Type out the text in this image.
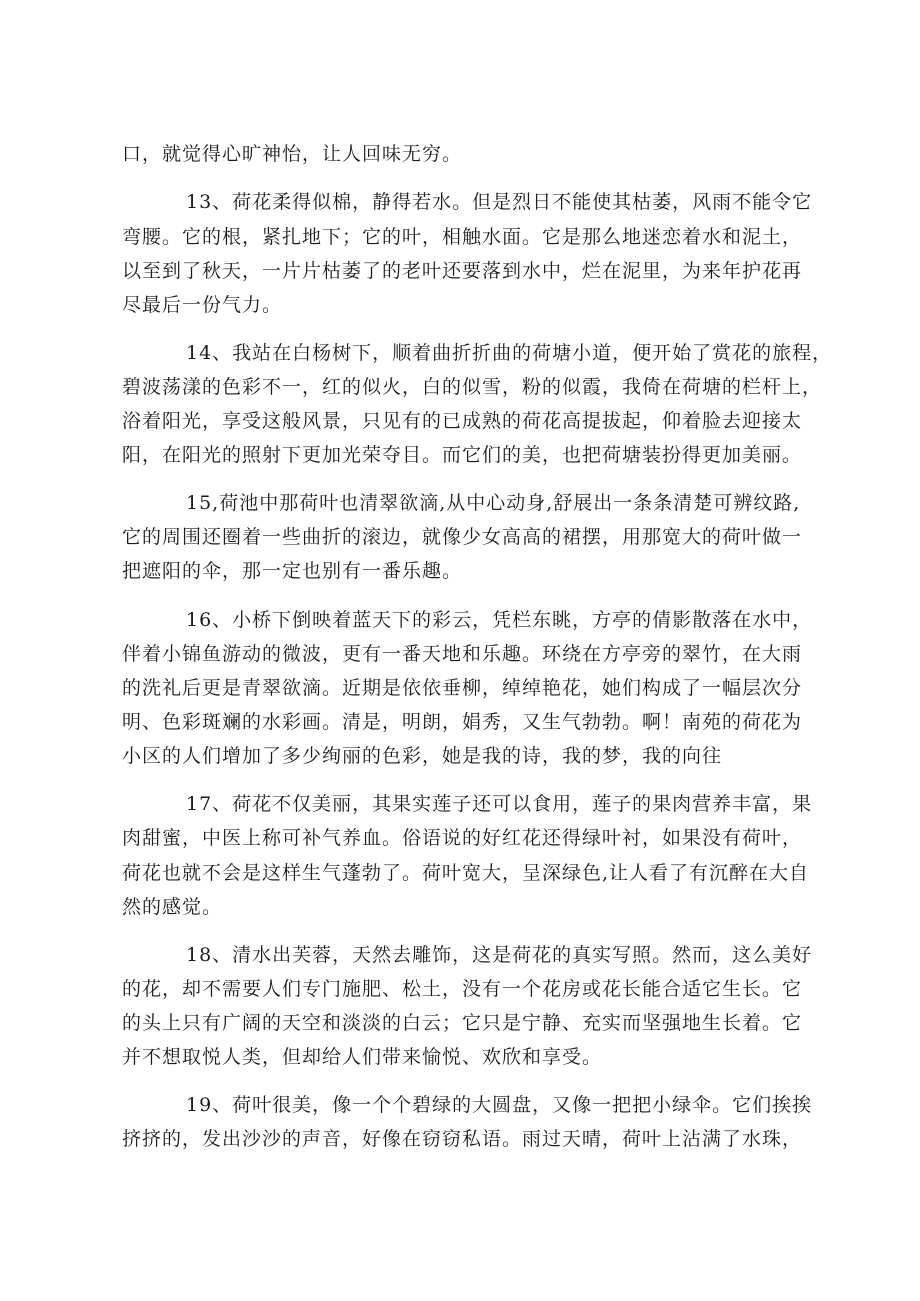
口，就觉得心旷神怡，让人回味无穷。
13、荷花柔得似棉，静得若水。但是烈日不能使其枯萎，风雨不能令它
弯腰。它的根，紧扎地下；它的叶，相触水面。它是那么地迷恋着水和泥土，
以至到了秋天，一片片枯萎了的老叶还要落到水中，烂在泥里，为来年护花再
尽最后一份气力。
14、我站在白杨树下，顺着曲折折曲的荷塘小道，便开始了赏花的旅程，
碧波荡漾的色彩不一，红的似火，白的似雪，粉的似霞，我倚在荷塘的栏杆上，
浴着阳光，享受这般风景，只见有的已成熟的荷花高提拔起，仰着脸去迎接太
阳，在阳光的照射下更加光荣夺目。而它们的美，也把荷塘装扮得更加美丽。
15,荷池中那荷叶也清翠欲滴,从中心动身,舒展出一条条清楚可辨纹路,
它的周围还圈着一些曲折的滚边，就像少女高高的裙摆，用那宽大的荷叶做一
把遮阳的伞，那一定也别有一番乐趣。
16、小桥下倒映着蓝天下的彩云，凭栏东眺，方亭的倩影散落在水中，
伴着小锦鱼游动的微波，更有一番天地和乐趣。环绕在方亭旁的翠竹，在大雨
的洗礼后更是青翠欲滴。近期是依依垂柳，绰绰艳花，她们构成了一幅层次分
明、色彩斑斓的水彩画。清是，明朗，娟秀，又生气勃勃。啊！南苑的荷花为
小区的人们增加了多少绚丽的色彩，她是我的诗，我的梦，我的向往
17、荷花不仅美丽，其果实莲子还可以食用，莲子的果肉营养丰富，果
肉甜蜜，中医上称可补气养血。俗语说的好红花还得绿叶衬，如果没有荷叶，
荷花也就不会是这样生气蓬勃了。荷叶宽大，呈深绿色,让人看了有沉醉在大自
然的感觉。
18、清水出芙蓉，天然去雕饰，这是荷花的真实写照。然而，这么美好
的花，却不需要人们专门施肥、松土，没有一个花房或花长能合适它生长。它
的头上只有广阔的天空和淡淡的白云；它只是宁静、充实而坚强地生长着。它
并不想取悦人类，但却给人们带来愉悦、欢欣和享受。
19、荷叶很美，像一个个碧绿的大圆盘，又像一把把小绿伞。它们挨挨
挤挤的，发出沙沙的声音，好像在窃窃私语。雨过天晴，荷叶上沾满了水珠，
